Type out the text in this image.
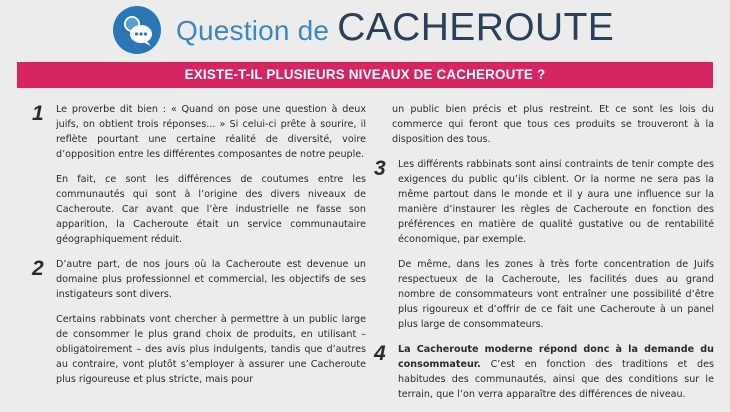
Question de CACHEROUTE
EXISTE-T-IL PLUSIEURS NIVEAUX DE CACHEROUTE ?
1 Le proverbe dit bien : « Quand on pose une question à deux juifs, on obtient trois réponses... » Si celui-ci prête à sourire, il reflète pourtant une certaine réalité de diversité, voire d’opposition entre les différentes composantes de notre peuple.

En fait, ce sont les différences de coutumes entre les communautés qui sont à l’origine des divers niveaux de Cacheroute. Car avant que l’ère industrielle ne fasse son apparition, la Cacheroute était un service communautaire géographiquement réduit.

2 D’autre part, de nos jours où la Cacheroute est devenue un domaine plus professionnel et commercial, les objectifs de ses instigateurs sont divers.

Certains rabbinats vont chercher à permettre à un public large de consommer le plus grand choix de produits, en utilisant – obligatoirement – des avis plus indulgents, tandis que d’autres au contraire, vont plutôt s’employer à assurer une Cacheroute plus rigoureuse et plus stricte, mais pour

un public bien précis et plus restreint. Et ce sont les lois du commerce qui feront que tous ces produits se trouveront à la disposition des tous.

3 Les différents rabbinats sont ainsi contraints de tenir compte des exigences du public qu’ils ciblent. Or la norme ne sera pas la même partout dans le monde et il y aura une influence sur la manière d’instaurer les règles de Cacheroute en fonction des préférences en matière de qualité gustative ou de rentabilité économique, par exemple.

De même, dans les zones à très forte concentration de Juifs respectueux de la Cacheroute, les facilités dues au grand nombre de consommateurs vont entraîner une possibilité d’être plus rigoureux et d’offrir de ce fait une Cacheroute à un panel plus large de consommateurs.

4 La Cacheroute moderne répond donc à la demande du consommateur. C’est en fonction des traditions et des habitudes des communautés, ainsi que des conditions sur le terrain, que l’on verra apparaître des différences de niveau.
